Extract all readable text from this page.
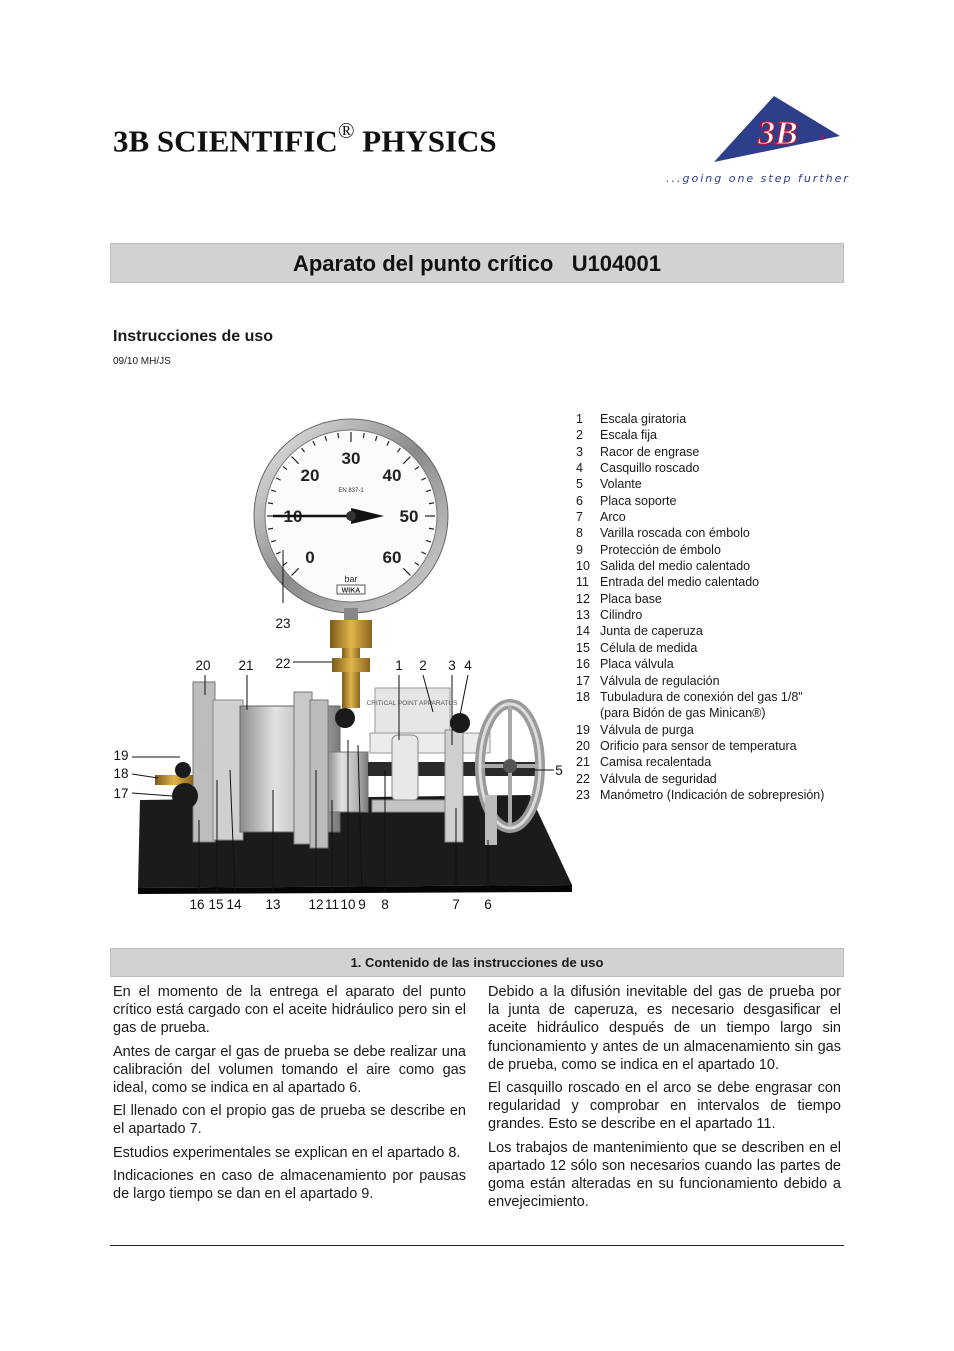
3B SCIENTIFIC® PHYSICS	3B	®
...going one step further
Aparato del punto crítico U104001
Instrucciones de uso
09/10 MH/JS
0
10
20
30
40
50
60
EN 837-1
bar
WIKA
CRITICAL POINT APPARATUS
23
20 21 22	1 2 3 4
19
18
17
5
16 15 14 13 12 11 10 9 8	7 6
1	Escala giratoria
2	Escala fija
3	Racor de engrase
4	Casquillo roscado
5	Volante
6	Placa soporte
7	Arco
8	Varilla roscada con émbolo
9	Protección de émbolo
10 Salida del medio calentado
11 Entrada del medio calentado
12 Placa base
13 Cilindro
14 Junta de caperuza
15 Célula de medida
16 Placa válvula
17 Válvula de regulación
18 Tubuladura de conexión del gas 1/8"
(para Bidón de gas Minican®)
19 Válvula de purga
20 Orificio para sensor de temperatura
21 Camisa recalentada
22 Válvula de seguridad
23 Manómetro (Indicación de sobrepresión)
1. Contenido de las instrucciones de uso

En el momento de la entrega el aparato del punto crítico está cargado con el aceite hidráulico pero sin el gas de prueba.

Antes de cargar el gas de prueba se debe realizar una calibración del volumen tomando el aire como gas ideal, como se indica en al apartado 6.

El llenado con el propio gas de prueba se describe en el apartado 7.

Estudios experimentales se explican en el apartado 8.

Indicaciones en caso de almacenamiento por pausas de largo tiempo se dan en el apartado 9.

Debido a la difusión inevitable del gas de prueba por la junta de caperuza, es necesario desgasificar el aceite hidráulico después de un tiempo largo sin funcionamiento y antes de un almacenamiento sin gas de prueba, como se indica en el apartado 10.

El casquillo roscado en el arco se debe engrasar con regularidad y comprobar en intervalos de tiempo grandes. Esto se describe en el apartado 11.

Los trabajos de mantenimiento que se describen en el apartado 12 sólo son necesarios cuando las partes de goma están alteradas en su funcionamiento debido a envejecimiento.
